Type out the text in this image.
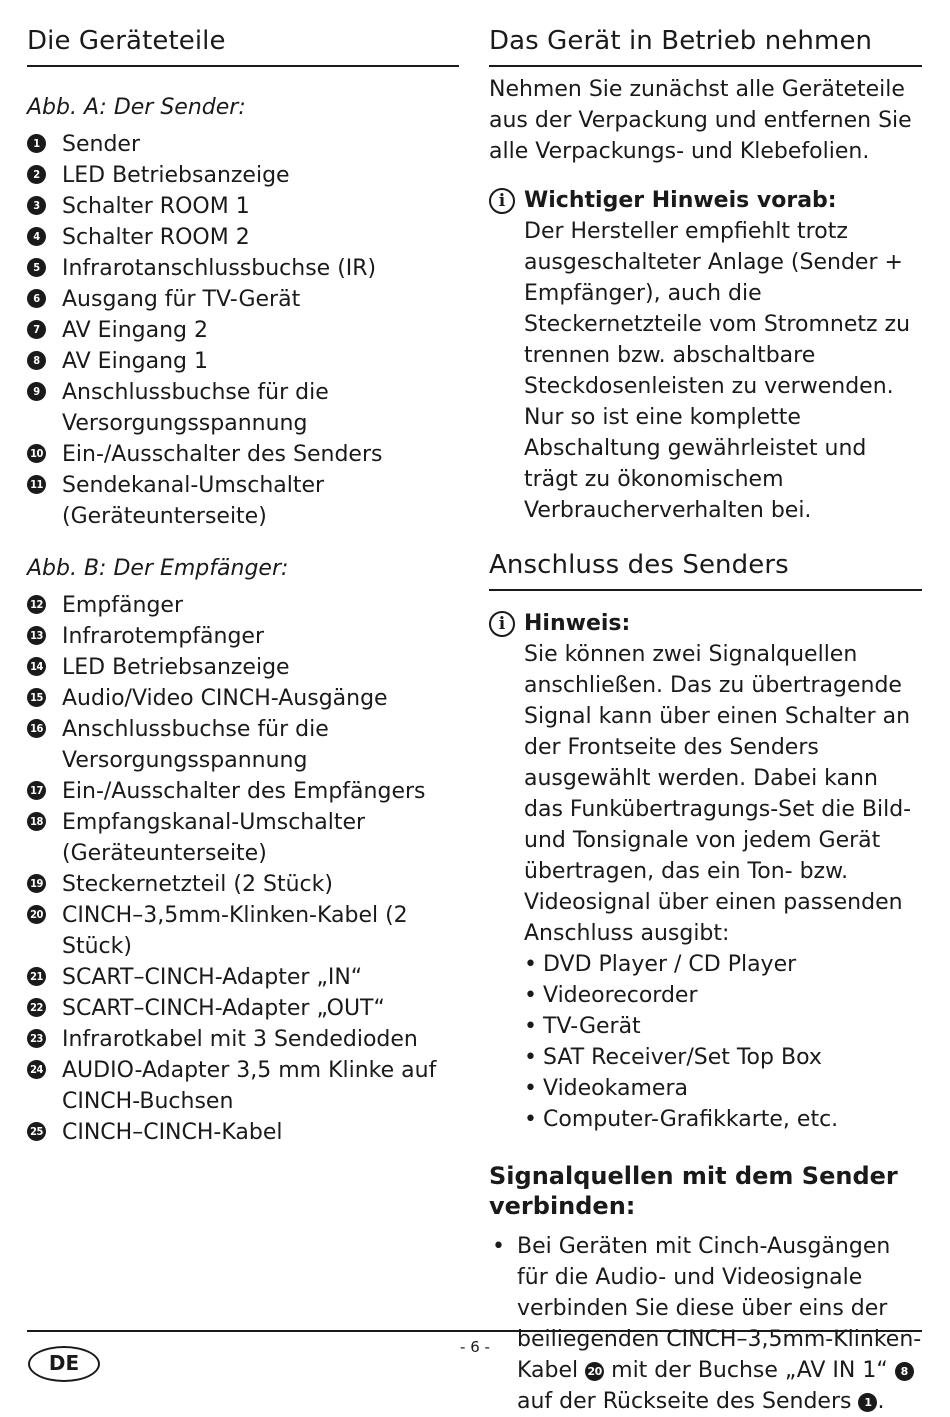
Die Geräteteile

Abb. A: Der Sender:

1 Sender
2 LED Betriebsanzeige
3 Schalter ROOM 1
4 Schalter ROOM 2
5 Infrarotanschlussbuchse (IR)
6 Ausgang für TV-Gerät
7 AV Eingang 2
8 AV Eingang 1
9 Anschlussbuchse für die Versorgungsspannung
10 Ein-/Ausschalter des Senders
11 Sendekanal-Umschalter (Geräteunterseite)

Abb. B: Der Empfänger:

12 Empfänger
13 Infrarotempfänger
14 LED Betriebsanzeige
15 Audio/Video CINCH-Ausgänge
16 Anschlussbuchse für die Versorgungsspannung
17 Ein-/Ausschalter des Empfängers
18 Empfangskanal-Umschalter (Geräteunterseite)
19 Steckernetzteil (2 Stück)
20 CINCH–3,5mm-Klinken-Kabel (2 Stück)
21 SCART–CINCH-Adapter „IN“
22 SCART–CINCH-Adapter „OUT“
23 Infrarotkabel mit 3 Sendedioden
24 AUDIO-Adapter 3,5 mm Klinke auf CINCH-Buchsen
25 CINCH–CINCH-Kabel
Das Gerät in Betrieb nehmen

Nehmen Sie zunächst alle Geräteteile aus der Verpackung und entfernen Sie alle Verpackungs- und Klebefolien.

i Wichtiger Hinweis vorab:
Der Hersteller empfiehlt trotz ausgeschalteter Anlage (Sender + Empfänger), auch die Steckernetzteile vom Stromnetz zu trennen bzw. abschaltbare Steckdosenleisten zu verwenden. Nur so ist eine komplette Abschaltung gewährleistet und trägt zu ökonomischem Verbraucherverhalten bei.
Anschluss des Senders
i Hinweis:
Sie können zwei Signalquellen anschließen. Das zu übertragende Signal kann über einen Schalter an der Frontseite des Senders ausgewählt werden. Dabei kann das Funkübertragungs-Set die Bild- und Tonsignale von jedem Gerät übertragen, das ein Ton- bzw. Videosignal über einen passenden Anschluss ausgibt:
• DVD Player / CD Player
• Videorecorder
• TV-Gerät
• SAT Receiver/Set Top Box
• Videokamera
• Computer-Grafikkarte, etc.
Signalquellen mit dem Sender verbinden:
• Bei Geräten mit Cinch-Ausgängen für die Audio- und Videosignale verbinden Sie diese über eins der beiliegenden CINCH–3,5mm-Klinken-Kabel 20 mit der Buchse „AV IN 1“ 8 auf der Rückseite des Senders 1 .
- 6 -
DE
